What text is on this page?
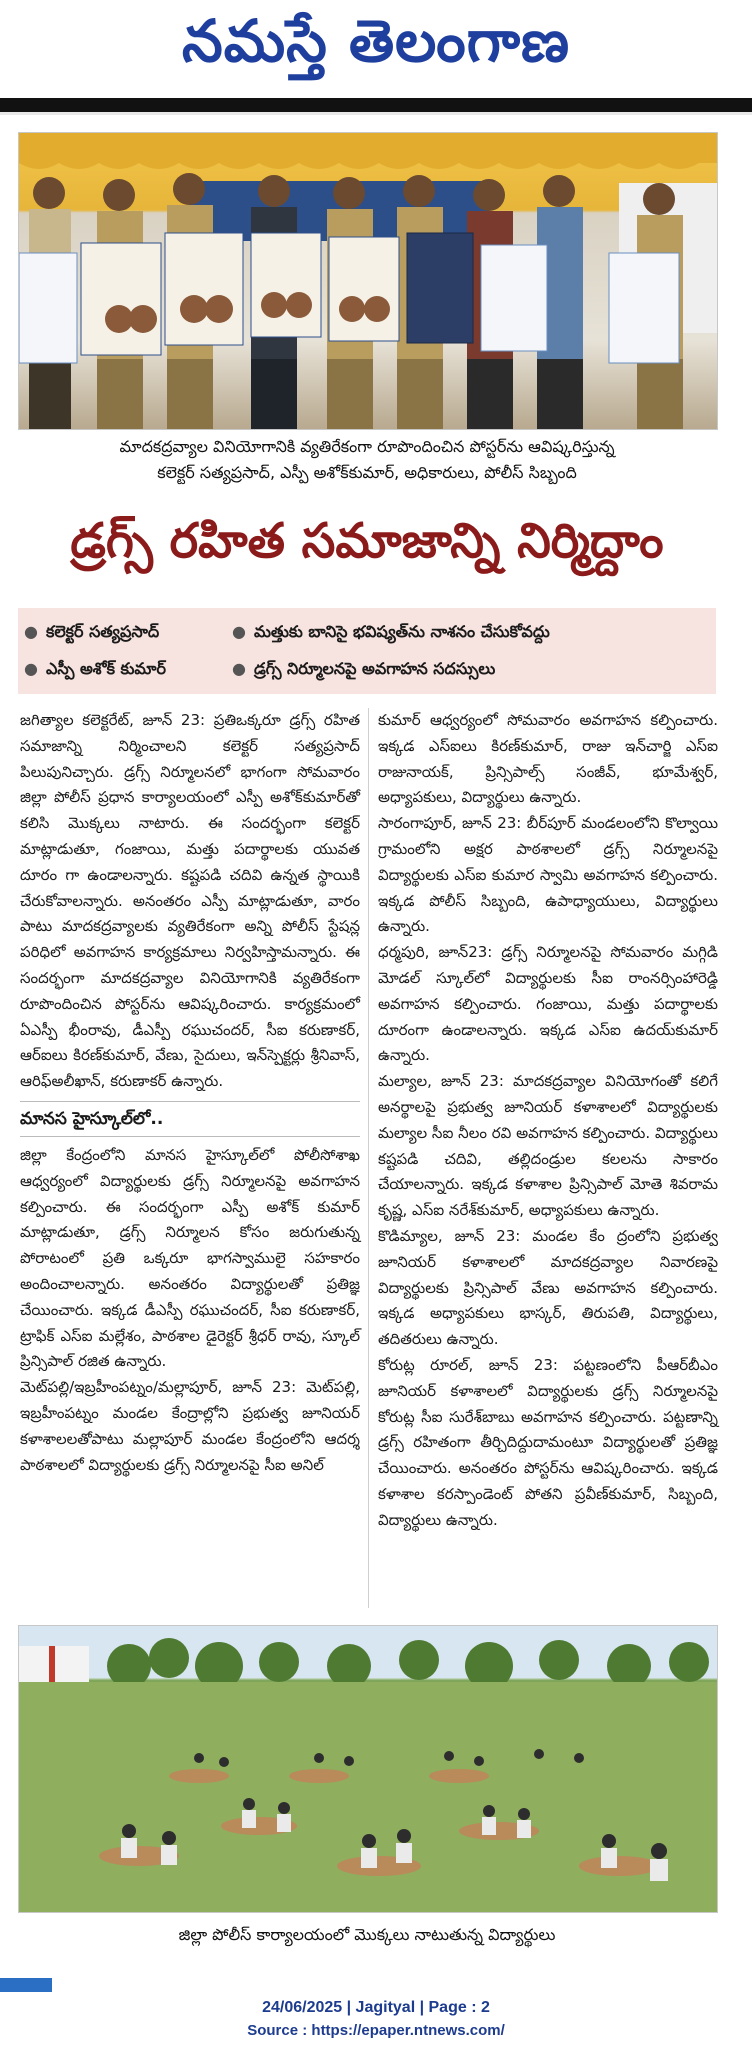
నమస్తే తెలంగాణ
మాదకద్రవ్యాల వినియోగానికి వ్యతిరేకంగా రూపొందించిన పోస్టర్‌ను ఆవిష్కరిస్తున్న
కలెక్టర్ సత్యప్రసాద్, ఎస్పీ అశోక్‌కుమార్, అధికారులు, పోలీస్ సిబ్బంది
డ్రగ్స్ రహిత సమాజాన్ని నిర్మిద్దాం
● కలెక్టర్ సత్యప్రసాద్	● మత్తుకు బానిసై భవిష్యత్‌ను నాశనం చేసుకోవద్దు
● ఎస్పీ అశోక్ కుమార్	● డ్రగ్స్ నిర్మూలనపై అవగాహన సదస్సులు

జగిత్యాల కలెక్టరేట్, జూన్ 23: ప్రతిఒక్కరూ డ్రగ్స్ రహిత సమాజాన్ని నిర్మించాలని కలెక్టర్ సత్యప్రసాద్ పిలుపునిచ్చారు. డ్రగ్స్ నిర్మూలనలో భాగంగా సోమవారం జిల్లా పోలీస్ ప్రధాన కార్యాలయంలో ఎస్పీ అశోక్‌కుమార్‌తో కలిసి మొక్కలు నాటారు. ఈ సందర్భంగా కలెక్టర్ మాట్లాడుతూ, గంజాయి, మత్తు పదార్థాలకు యువత దూరం గా ఉండాలన్నారు. కష్టపడి చదివి ఉన్నత స్థాయికి చేరుకోవాలన్నారు. అనంతరం ఎస్పీ మాట్లాడుతూ, వారం పాటు మాదకద్రవ్యాలకు వ్యతిరేకంగా అన్ని పోలీస్ స్టేషన్ల పరిధిలో అవగాహన కార్యక్రమాలు నిర్వహిస్తామన్నారు. ఈ సందర్భంగా మాదకద్రవ్యాల వినియోగానికి వ్యతిరేకంగా రూపొందించిన పోస్టర్‌ను ఆవిష్కరించారు. కార్యక్రమంలో ఏఎస్పీ భీంరావు, డీఎస్పీ రఘుచందర్, సీఐ కరుణాకర్, ఆర్ఐలు కిరణ్‌కుమార్, వేణు, సైదులు, ఇన్‌స్పెక్టర్లు శ్రీనివాస్, ఆరిఫ్అలీఖాన్, కరుణాకర్ ఉన్నారు.

మానస హైస్కూల్‌లో..

జిల్లా కేంద్రంలోని మానస హైస్కూల్‌లో పోలీసోశాఖ ఆధ్వర్యంలో విద్యార్థులకు డ్రగ్స్ నిర్మూలనపై అవగాహన కల్పించారు. ఈ సందర్భంగా ఎస్పీ అశోక్ కుమార్ మాట్లాడుతూ, డ్రగ్స్ నిర్మూలన కోసం జరుగుతున్న పోరాటంలో ప్రతి ఒక్కరూ భాగస్వాములై సహకారం అందించాలన్నారు. అనంతరం విద్యార్థులతో ప్రతిజ్ఞ చేయించారు. ఇక్కడ డీఎస్పీ రఘుచందర్, సీఐ కరుణాకర్, ట్రాఫిక్ ఎస్ఐ మల్లేశం, పాఠశాల డైరెక్టర్ శ్రీధర్ రావు, స్కూల్ ప్రిన్సిపాల్ రజిత ఉన్నారు.

మెట్‌పల్లి/ఇబ్రహీంపట్నం/మల్లాపూర్, జూన్ 23: మెట్‌పల్లి, ఇబ్రహీంపట్నం మండల కేంద్రాల్లోని ప్రభుత్వ జూనియర్ కళాశాలలతోపాటు మల్లాపూర్ మండల కేంద్రంలోని ఆదర్శ పాఠశాలలో విద్యార్థులకు డ్రగ్స్ నిర్మూలనపై సీఐ అనిల్

కుమార్ ఆధ్వర్యంలో సోమవారం అవగాహన కల్పించారు. ఇక్కడ ఎస్ఐలు కిరణ్‌కుమార్, రాజు ఇన్‌చార్జి ఎస్ఐ రాజునాయక్, ప్రిన్సిపాల్స్ సంజీవ్, భూమేశ్వర్, అధ్యాపకులు, విద్యార్థులు ఉన్నారు.

సారంగాపూర్, జూన్ 23: బీర్‌పూర్ మండలంలోని కొల్వాయి గ్రామంలోని అక్షర పాఠశాలలో డ్రగ్స్ నిర్మూలనపై విద్యార్థులకు ఎస్ఐ కుమార స్వామి అవగాహన కల్పించారు. ఇక్కడ పోలీస్ సిబ్బంది, ఉపాధ్యాయులు, విద్యార్థులు ఉన్నారు.

ధర్మపురి, జూన్23: డ్రగ్స్ నిర్మూలనపై సోమవారం మగ్గిడి మోడల్ స్కూల్‌లో విద్యార్థులకు సీఐ రాంనర్సింహారెడ్డి అవగాహన కల్పించారు. గంజాయి, మత్తు పదార్థాలకు దూరంగా ఉండాలన్నారు. ఇక్కడ ఎస్ఐ ఉదయ్‌కుమార్ ఉన్నారు.

మల్యాల, జూన్ 23: మాదకద్రవ్యాల వినియోగంతో కలిగే అనర్థాలపై ప్రభుత్వ జూనియర్ కళాశాలలో విద్యార్థులకు మల్యాల సీఐ నీలం రవి అవగాహన కల్పించారు. విద్యార్థులు కష్టపడి చదివి, తల్లిదండ్రుల కలలను సాకారం చేయాలన్నారు. ఇక్కడ కళాశాల ప్రిన్సిపాల్ మోతె శివరామ కృష్ణ, ఎస్ఐ నరేశ్‌కుమార్, అధ్యాపకులు ఉన్నారు.

కొడిమ్యాల, జూన్ 23: మండల కేం ద్రంలోని ప్రభుత్వ జూనియర్ కళాశాలలో మాదకద్రవ్యాల నివారణపై విద్యార్థులకు ప్రిన్సిపాల్ వేణు అవగాహన కల్పించారు. ఇక్కడ అధ్యాపకులు భాస్కర్, తిరుపతి, విద్యార్థులు, తదితరులు ఉన్నారు.

కోరుట్ల రూరల్, జూన్ 23: పట్టణంలోని పీఆర్‌బీఎం జూనియర్ కళాశాలలో విద్యార్థులకు డ్రగ్స్ నిర్మూలనపై కోరుట్ల సీఐ సురేశ్‌బాబు అవగాహన కల్పించారు. పట్టణాన్ని డ్రగ్స్ రహితంగా తీర్చిదిద్దుదామంటూ విద్యార్థులతో ప్రతిజ్ఞ చేయించారు. అనంతరం పోస్టర్‌ను ఆవిష్కరించారు. ఇక్కడ కళాశాల కరస్పాండెంట్ పోతని ప్రవీణ్‌కుమార్, సిబ్బంది, విద్యార్థులు ఉన్నారు.

జిల్లా పోలీస్ కార్యాలయంలో మొక్కలు నాటుతున్న విద్యార్థులు
24/06/2025 | Jagityal | Page : 2
Source : https://epaper.ntnews.com/
